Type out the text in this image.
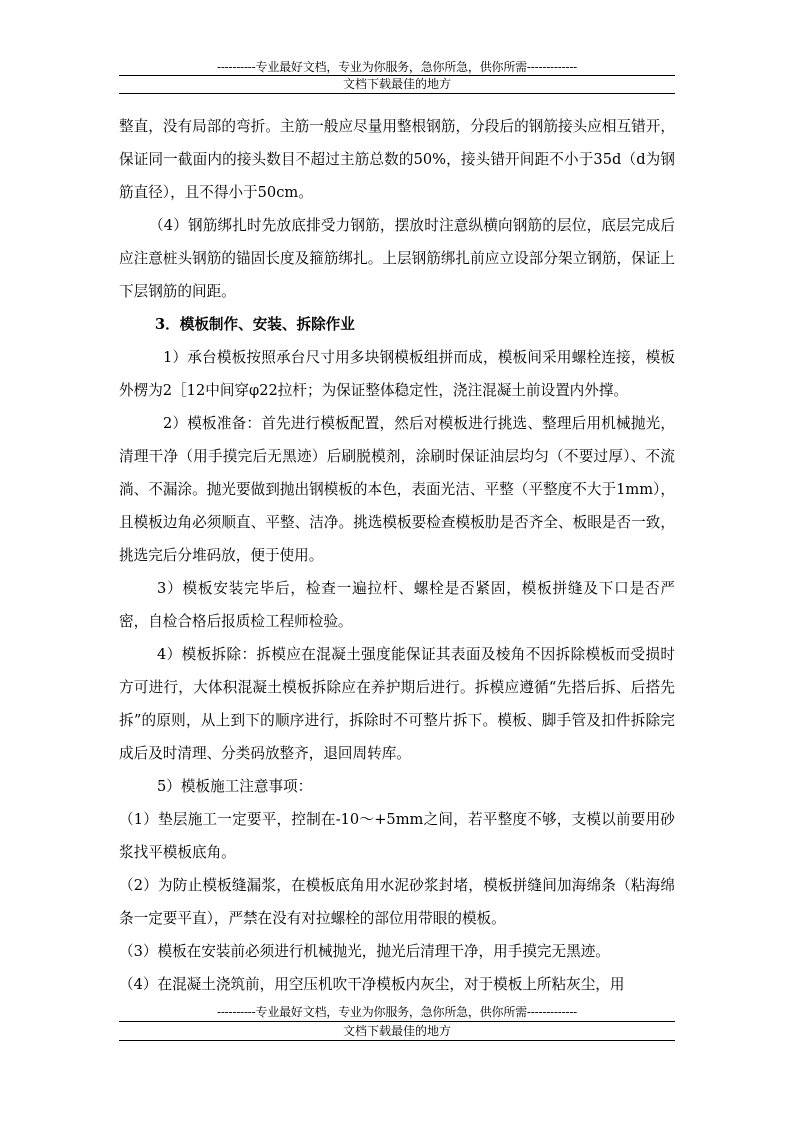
----------专业最好文档，专业为你服务，急你所急，供你所需-------------
文档下载最佳的地方

整直，没有局部的弯折。主筋一般应尽量用整根钢筋，分段后的钢筋接头应相互错开，保证同一截面内的接头数目不超过主筋总数的50%，接头错开间距不小于35d（d为钢筋直径），且不得小于50cm。

（4）钢筋绑扎时先放底排受力钢筋，摆放时注意纵横向钢筋的层位，底层完成后应注意桩头钢筋的锚固长度及箍筋绑扎。上层钢筋绑扎前应立设部分架立钢筋，保证上下层钢筋的间距。

3．模板制作、安装、拆除作业

1）承台模板按照承台尺寸用多块钢模板组拼而成，模板间采用螺栓连接，模板外楞为2［12中间穿φ22拉杆；为保证整体稳定性，浇注混凝土前设置内外撑。

2）模板准备：首先进行模板配置，然后对模板进行挑选、整理后用机械抛光，清理干净（用手摸完后无黑迹）后刷脱模剂，涂刷时保证油层均匀（不要过厚）、不流淌、不漏涂。抛光要做到抛出钢模板的本色，表面光洁、平整（平整度不大于1mm），且模板边角必须顺直、平整、洁净。挑选模板要检查模板肋是否齐全、板眼是否一致，挑选完后分堆码放，便于使用。

3）模板安装完毕后，检查一遍拉杆、螺栓是否紧固，模板拼缝及下口是否严密，自检合格后报质检工程师检验。

4）模板拆除：拆模应在混凝土强度能保证其表面及棱角不因拆除模板而受损时方可进行，大体积混凝土模板拆除应在养护期后进行。拆模应遵循“先搭后拆、后搭先拆”的原则，从上到下的顺序进行，拆除时不可整片拆下。模板、脚手管及扣件拆除完成后及时清理、分类码放整齐，退回周转库。

5）模板施工注意事项：

（1）垫层施工一定要平，控制在-10～+5mm之间，若平整度不够，支模以前要用砂浆找平模板底角。

（2）为防止模板缝漏浆，在模板底角用水泥砂浆封堵，模板拼缝间加海绵条（粘海绵条一定要平直），严禁在没有对拉螺栓的部位用带眼的模板。

（3）模板在安装前必须进行机械抛光，抛光后清理干净，用手摸完无黑迹。

（4）在混凝土浇筑前，用空压机吹干净模板内灰尘，对于模板上所粘灰尘，用

----------专业最好文档，专业为你服务，急你所急，供你所需-------------
文档下载最佳的地方
